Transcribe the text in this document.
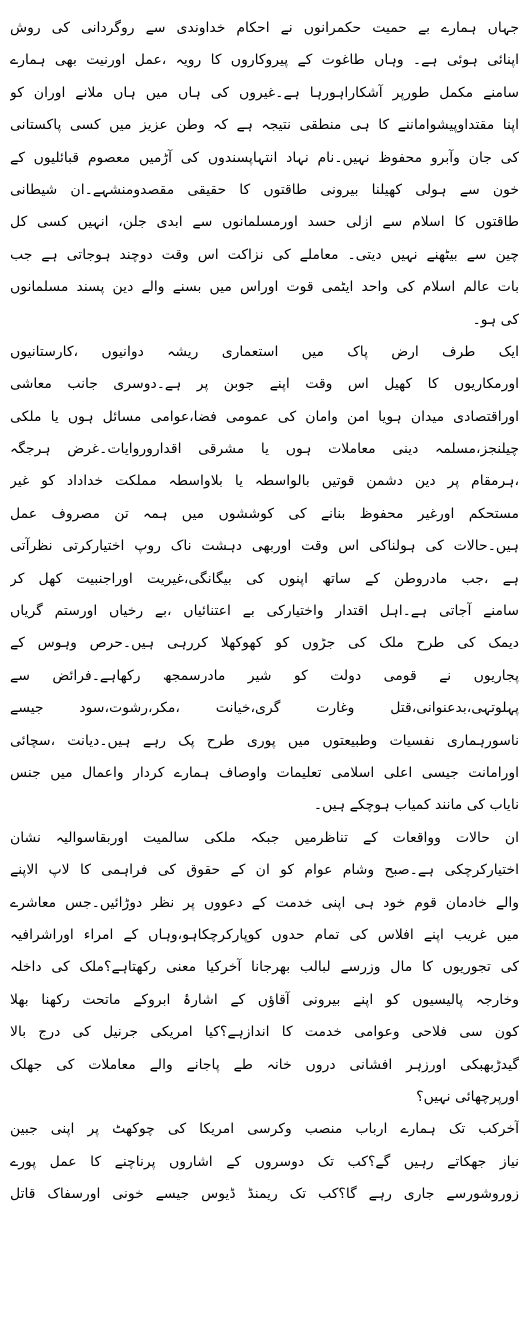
جہاں ہمارے بے حمیت حکمرانوں نے احکام خداوندی سے روگردانی کی روش
اپنائی ہوئی ہے۔ وہاں طاغوت کے پیروکاروں کا رویہ ،عمل اورنیت بھی ہمارے
سامنے مکمل طورپر آشکاراہورہا ہے۔غیروں کی ہاں میں ہاں ملانے اوران کو
اپنا مقتداوپیشواماننے کا ہی منطقی نتیجہ ہے کہ وطن عزیز میں کسی پاکستانی
کی جان وآبرو محفوظ نہیں۔نام نہاد انتہاپسندوں کی آڑمیں معصوم قبائلیوں کے
خون سے ہولی کھیلنا بیرونی طاقتوں کا حقیقی مقصدومنشہے۔ان شیطانی
طاقتوں کا اسلام سے ازلی حسد اورمسلمانوں سے ابدی جلن، انہیں کسی کل
چین سے بیٹھنے نہیں دیتی۔ معاملے کی نزاکت اس وقت دوچند ہوجاتی ہے جب
بات عالم اسلام کی واحد ایٹمی قوت اوراس میں بسنے والے دین پسند مسلمانوں
کی ہو۔
ایک طرف ارض پاک میں استعماری ریشہ دوانیوں ،کارستانیوں
اورمکاریوں کا کھیل اس وقت اپنے جوبن پر ہے۔دوسری جانب معاشی
اوراقتصادی میدان ہویا امن وامان کی عمومی فضا،عوامی مسائل ہوں یا ملکی
چیلنجز،مسلمہ دینی معاملات ہوں یا مشرقی اقداروروایات۔غرض ہرجگہ
،ہرمقام پر دین دشمن قوتیں بالواسطہ یا بلاواسطہ مملکت خداداد کو غیر
مستحکم اورغیر محفوظ بنانے کی کوششوں میں ہمہ تن مصروف عمل
ہیں۔حالات کی ہولناکی اس وقت اوربھی دہشت ناک روپ اختیارکرتی نظرآتی
ہے ،جب مادروطن کے ساتھ اپنوں کی بیگانگی،غیریت اوراجنبیت کھل کر
سامنے آجاتی ہے۔اہل اقتدار واختیارکی بے اعتنائیاں ،بے رخیاں اورستم گریاں
دیمک کی طرح ملک کی جڑوں کو کھوکھلا کررہی ہیں۔حرص وہوس کے
پجاریوں نے قومی دولت کو شیر مادرسمجھ رکھاہے۔فرائض سے
پہلوتہی،بدعنوانی،قتل وغارت گری،خیانت ،مکر،رشوت،سود جیسے
ناسورہماری نفسیات وطبیعتوں میں پوری طرح پک رہے ہیں۔دیانت ،سچائی
اورامانت جیسی اعلی اسلامی تعلیمات واوصاف ہمارے کردار واعمال میں جنس
نایاب کی مانند کمیاب ہوچکے ہیں۔
ان حالات وواقعات کے تناظرمیں جبکہ ملکی سالمیت اوربقاسوالیہ نشان
اختیارکرچکی ہے۔صبح وشام عوام کو ان کے حقوق کی فراہمی کا لاپ الاپنے
والے خادمان قوم خود ہی اپنی خدمت کے دعووں پر نظر دوڑائیں۔جس معاشرے
میں غریب اپنے افلاس کی تمام حدوں کوپارکرچکاہو،وہاں کے امراء اوراشرافیہ
کی تجوریوں کا مال وزرسے لبالب بھرجانا آخرکیا معنی رکھتاہے؟ملک کی داخلہ
وخارجہ پالیسیوں کو اپنے بیرونی آقاؤں کے اشارۂ ابروکے ماتحت رکھنا بھلا
کون سی فلاحی وعوامی خدمت کا اندازہے؟کیا امریکی جرنیل کی درج بالا
گیدڑبھبکی اورزہر افشانی دروں خانہ طے پاجانے والے معاملات کی جھلک
اورپرچھائی نہیں؟
آخرکب تک ہمارے ارباب منصب وکرسی امریکا کی چوکھٹ پر اپنی جبین
نیاز جھکاتے رہیں گے؟کب تک دوسروں کے اشاروں پرناچنے کا عمل پورے
زوروشورسے جاری رہے گا؟کب تک ریمنڈ ڈیوس جیسے خونی اورسفاک قاتل
